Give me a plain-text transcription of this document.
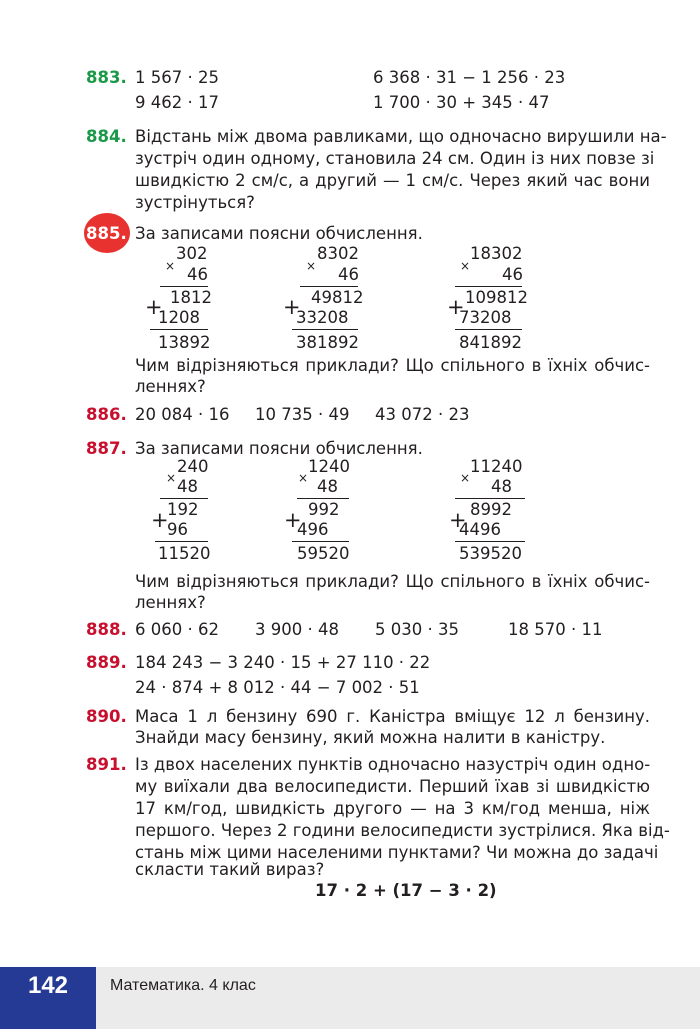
883. 1 567 · 25	6 368 · 31 − 1 256 · 23
9 462 · 17	1 700 · 30 + 345 · 47
884. Відстань між двома равликами, що одночасно вирушили на-
зустріч один одному, становила 24 см. Один із них повзе зі
швидкістю 2 см/с, а другий — 1 см/с. Через який час вони
зустрінуться?
885. За записами поясни обчислення.
302
× 46
+ 1812
1208
13892
8302
× 46
+ 49812
33208
381892
18302
× 46
+ 109812
73208
841892
Чим відрізняються приклади? Що спільного в їхніх обчис-
леннях?
886. 20 084 · 16 10 735 · 49 43 072 · 23
887. За записами поясни обчислення.
240
× 48
+
192
96
11520
1240
× 48
+ 992
496
59520
11240
× 48
+ 8992
4496
539520
Чим відрізняються приклади? Що спільного в їхніх обчис-
леннях?
888. 6 060 · 62 3 900 · 48 5 030 · 35	18 570 · 11
889. 184 243 − 3 240 · 15 + 27 110 · 22
24 · 874 + 8 012 · 44 − 7 002 · 51
890. Маса 1 л бензину 690 г. Каністра вміщує 12 л бензину.
Знайди масу бензину, який можна налити в каністру.
891. Із двох населених пунктів одночасно назустріч один одно-
му виїхали два велосипедисти. Перший їхав зі швидкістю
17 км/год, швидкість другого — на 3 км/год менша, ніж
першого. Через 2 години велосипедисти зустрілися. Яка від-
стань між цими населеними пунктами? Чи можна до задачі
скласти такий вираз?
17 · 2 + (17 − 3 · 2)
142	Математика. 4 клас
